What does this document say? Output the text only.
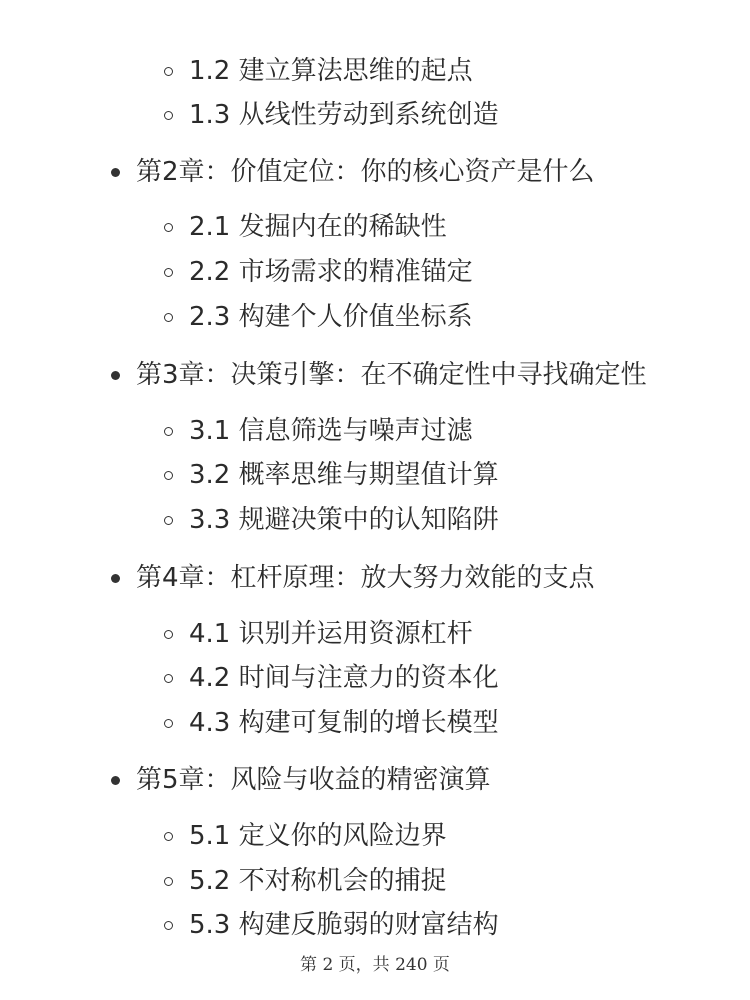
1.2 建立算法思维的起点
1.3 从线性劳动到系统创造
第2章：价值定位：你的核心资产是什么
2.1 发掘内在的稀缺性
2.2 市场需求的精准锚定
2.3 构建个人价值坐标系
第3章：决策引擎：在不确定性中寻找确定性
3.1 信息筛选与噪声过滤
3.2 概率思维与期望值计算
3.3 规避决策中的认知陷阱
第4章：杠杆原理：放大努力效能的支点
4.1 识别并运用资源杠杆
4.2 时间与注意力的资本化
4.3 构建可复制的增长模型
第5章：风险与收益的精密演算
5.1 定义你的风险边界
5.2 不对称机会的捕捉
5.3 构建反脆弱的财富结构
第 2 页，共 240 页
